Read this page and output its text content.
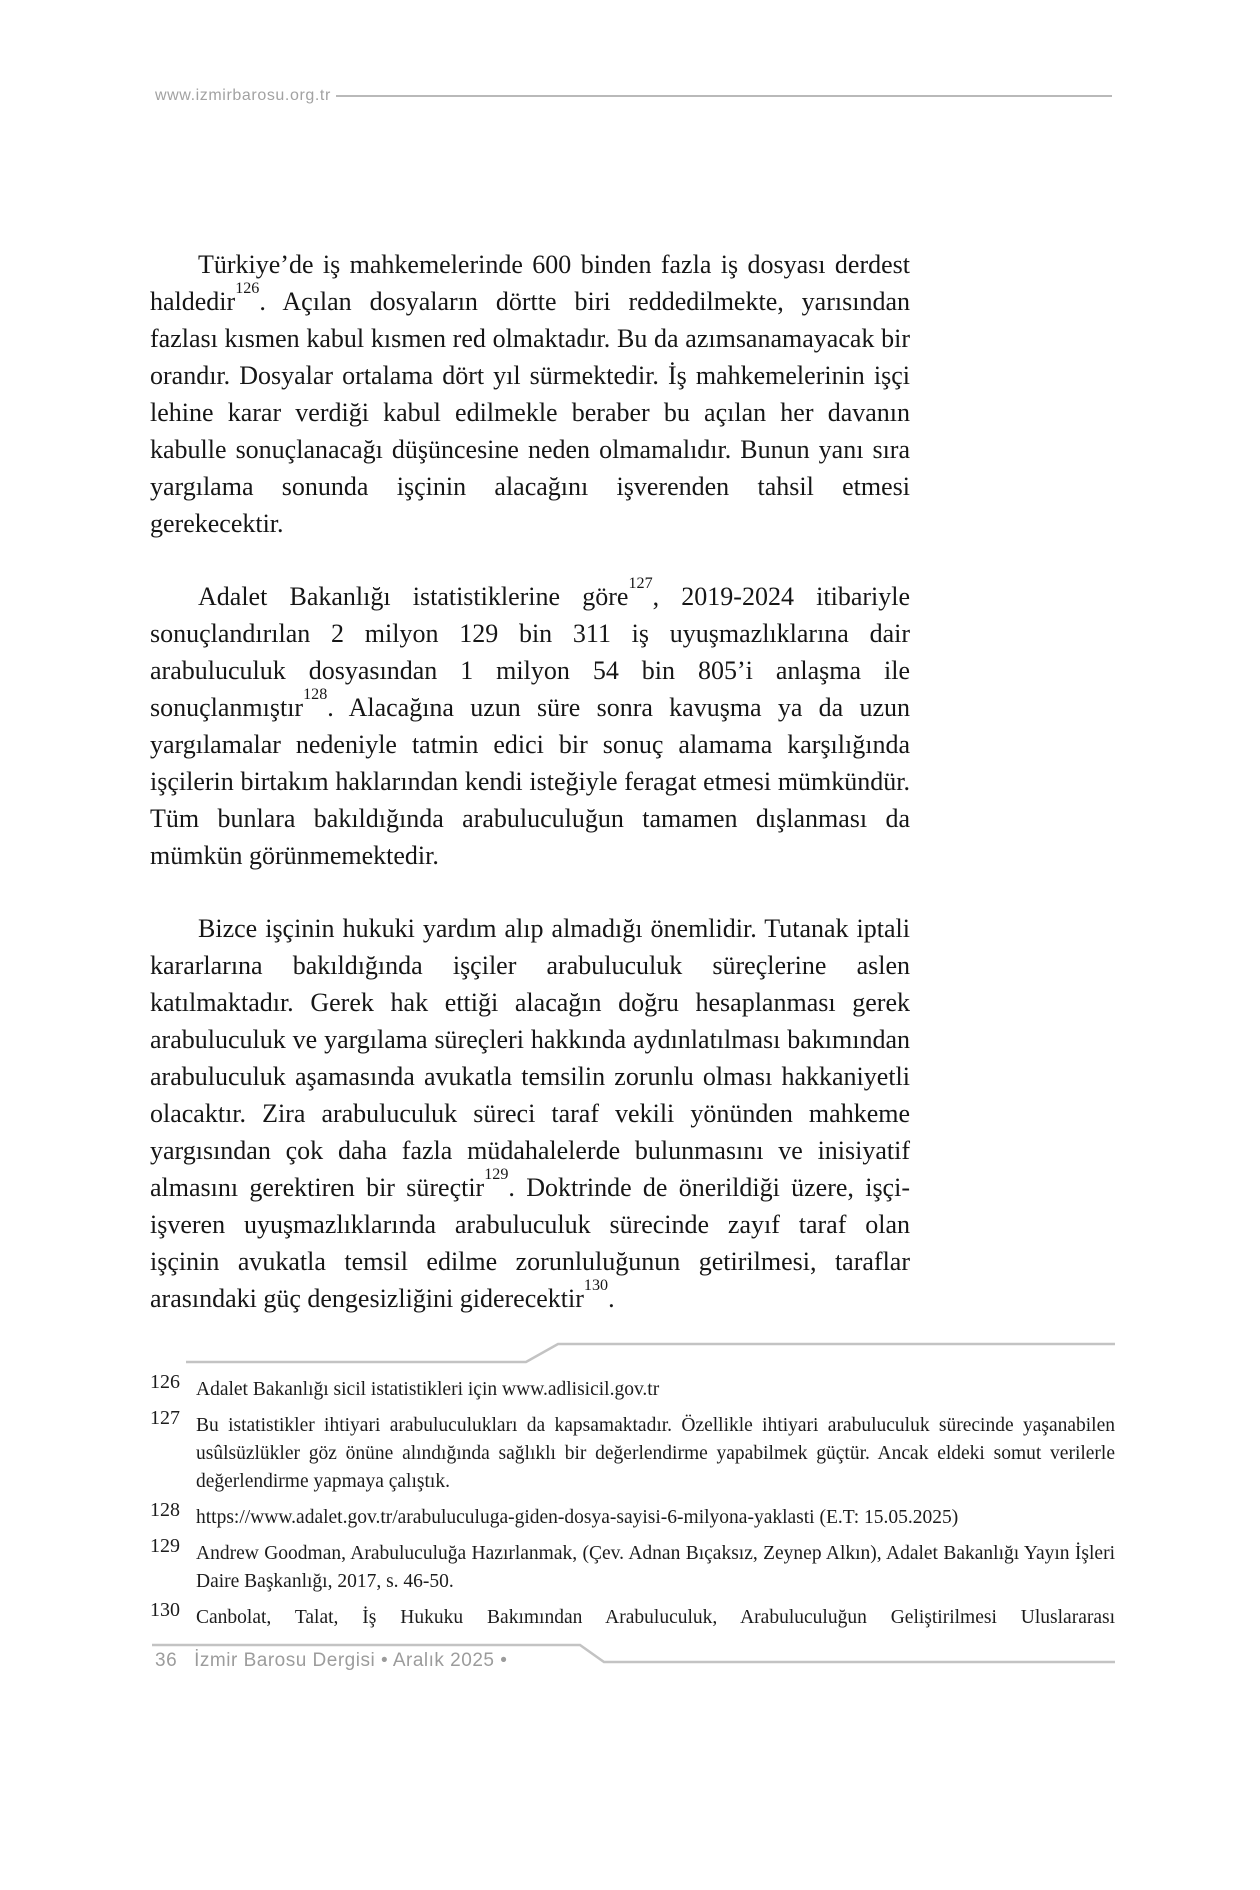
www.izmirbarosu.org.tr

Türkiye’de iş mahkemelerinde 600 binden fazla iş dosyası derdest haldedir$^{126}$. Açılan dosyaların dörtte biri reddedilmekte, yarısından fazlası kısmen kabul kısmen red olmaktadır. Bu da azımsanamayacak bir orandır. Dosyalar ortalama dört yıl sürmektedir. İş mahkemelerinin işçi lehine karar verdiği kabul edilmekle beraber bu açılan her davanın kabulle sonuçlanacağı düşüncesine neden olmamalıdır. Bunun yanı sıra yargılama sonunda işçinin alacağını işverenden tahsil etmesi gerekecektir.

Adalet Bakanlığı istatistiklerine göre$^{127}$, 2019-2024 itibariyle sonuçlandırılan 2 milyon 129 bin 311 iş uyuşmazlıklarına dair arabuluculuk dosyasından 1 milyon 54 bin 805’i anlaşma ile sonuçlanmıştır$^{128}$. Alacağına uzun süre sonra kavuşma ya da uzun yargılamalar nedeniyle tatmin edici bir sonuç alamama karşılığında işçilerin birtakım haklarından kendi isteğiyle feragat etmesi mümkündür. Tüm bunlara bakıldığında arabuluculuğun tamamen dışlanması da mümkün görünmemektedir.

Bizce işçinin hukuki yardım alıp almadığı önemlidir. Tutanak iptali kararlarına bakıldığında işçiler arabuluculuk süreçlerine aslen katılmaktadır. Gerek hak ettiği alacağın doğru hesaplanması gerek arabuluculuk ve yargılama süreçleri hakkında aydınlatılması bakımından arabuluculuk aşamasında avukatla temsilin zorunlu olması hakkaniyetli olacaktır. Zira arabuluculuk süreci taraf vekili yönünden mahkeme yargısından çok daha fazla müdahalelerde bulunmasını ve inisiyatif almasını gerektiren bir süreçtir$^{129}$. Doktrinde de önerildiği üzere, işçi-işveren uyuşmazlıklarında arabuluculuk sürecinde zayıf taraf olan işçinin avukatla temsil edilme zorunluluğunun getirilmesi, taraflar arasındaki güç dengesizliğini giderecektir$^{130}$.

126 Adalet Bakanlığı sicil istatistikleri için www.adlisicil.gov.tr
127 Bu istatistikler ihtiyari arabuluculukları da kapsamaktadır. Özellikle ihtiyari arabuluculuk sürecinde yaşanabilen usûlsüzlükler göz önüne alındığında sağlıklı bir değerlendirme yapabilmek güçtür. Ancak eldeki somut verilerle değerlendirme yapmaya çalıştık.
128 https://www.adalet.gov.tr/arabuluculuga-giden-dosya-sayisi-6-milyona-yaklasti (E.T: 15.05.2025)
129 Andrew Goodman, Arabuluculuğa Hazırlanmak, (Çev. Adnan Bıçaksız, Zeynep Alkın), Adalet Bakanlığı Yayın İşleri Daire Başkanlığı, 2017, s. 46-50.
130 Canbolat, Talat, İş Hukuku Bakımından Arabuluculuk, Arabuluculuğun Geliştirilmesi Uluslararası
36 İzmir Barosu Dergisi • Aralık 2025 •
